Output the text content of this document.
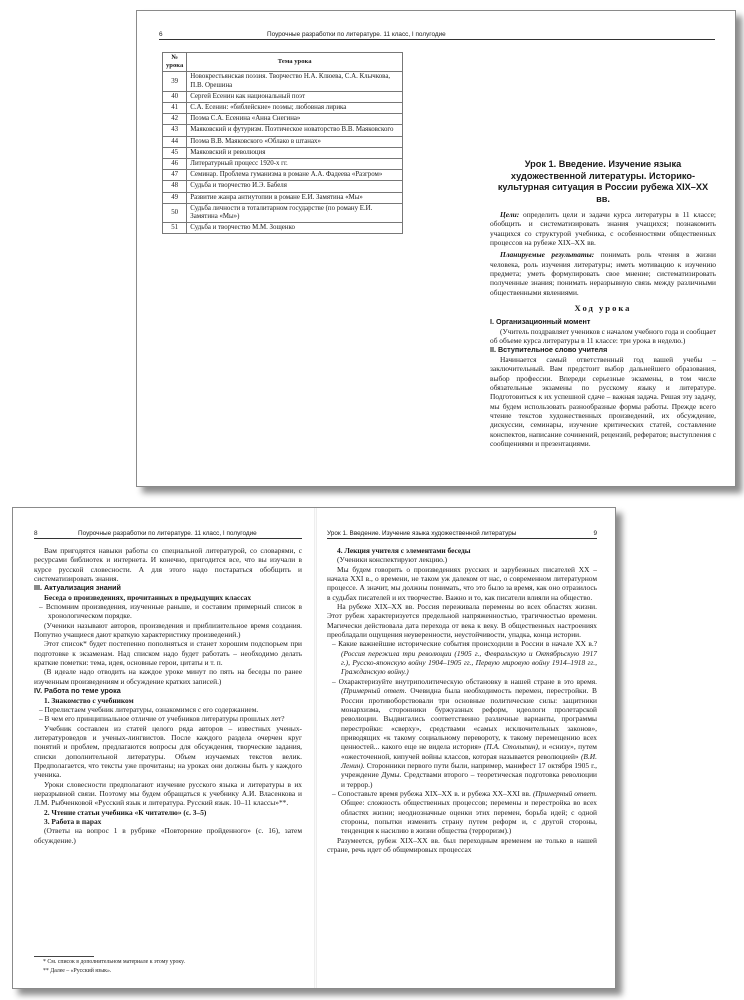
6	Поурочные разработки по литературе. 11 класс, I полугодие
№ урока	Тема урока
39	Новокрестьянская поэзия. Творчество Н.А. Клюева, С.А. Клычкова, П.В. Орешина
40	Сергей Есенин как национальный поэт
41	С.А. Есенин: «библейские» поэмы; любовная лирика
42	Поэма С.А. Есенина «Анна Снегина»
43	Маяковский и футуризм. Поэтическое новаторство В.В. Маяковского
44	Поэма В.В. Маяковского «Облако в штанах»
45	Маяковский и революция
46	Литературный процесс 1920-х гг.
47	Семинар. Проблема гуманизма в романе А.А. Фадеева «Разгром»
48	Судьба и творчество И.Э. Бабеля
49	Развитие жанра антиутопии в романе Е.И. Замятина «Мы»
50	Судьба личности в тоталитарном государстве (по роману Е.И. Замятина «Мы»)
51	Судьба и творчество М.М. Зощенко
Урок 1. Введение. Изучение языка художественной литературы. Историко-культурная ситуация в России рубежа XIX–XX вв.

Цели: определить цели и задачи курса литературы в 11 классе; обобщить и систематизировать знания учащихся; познакомить учащихся со структурой учебника, с особенностями общественных процессов на рубеже XIX–XX вв.

Планируемые результаты: понимать роль чтения в жизни человека, роль изучения литературы; иметь мотивацию к изучению предмета; уметь формулировать свое мнение; систематизировать полученные знания; понимать неразрывную связь между различными общественными явлениями.

Ход урока

I. Организационный момент

(Учитель поздравляет учеников с началом учебного года и сообщает об объеме курса литературы в 11 классе: три урока в неделю.)

II. Вступительное слово учителя

Начинается самый ответственный год вашей учебы – заключительный. Вам предстоит выбор дальнейшего образования, выбор профессии. Впереди серьезные экзамены, в том числе обязательные экзамены по русскому языку и литературе. Подготовиться к их успешной сдаче – важная задача. Решая эту задачу, мы будем использовать разнообразные формы работы. Прежде всего чтение текстов художественных произведений, их обсуждение, дискуссии, семинары, изучение критических статей, составление конспектов, написание сочинений, рецензий, рефератов; выступления с сообщениями и презентациями.

8	Поурочные разработки по литературе. 11 класс, I полугодие

Вам пригодятся навыки работы со специальной литературой, со словарями, с ресурсами библиотек и интернета. И конечно, пригодится все, что вы изучали в курсе русской словесности. А для этого надо постараться обобщить и систематизировать знания.

III. Актуализация знаний

Беседа о произведениях, прочитанных в предыдущих классах

– Вспомним произведения, изученные раньше, и составим примерный список в хронологическом порядке.

(Ученики называют авторов, произведения и приблизительное время создания. Попутно учащиеся дают краткую характеристику произведений.)

Этот список* будет постепенно пополняться и станет хорошим подспорьем при подготовке к экзаменам. Над списком надо будет работать – необходимо делать краткие пометки: тема, идея, основные герои, цитаты и т. п.

(В идеале надо отводить на каждое уроке минут по пять на беседы по ранее изученным произведениям и обсуждение кратких записей.)

IV. Работа по теме урока

1. Знакомство с учебником

– Перелистаем учебник литературы, ознакомимся с его содержанием.

– В чем его принципиальное отличие от учебников литературы прошлых лет?

Учебник составлен из статей целого ряда авторов – известных ученых-литературоведов и ученых-лингвистов. После каждого раздела очерчен круг понятий и проблем, предлагаются вопросы для обсуждения, творческие задания, списки дополнительной литературы. Объем изучаемых текстов велик. Предполагается, что тексты уже прочитаны; на уроках они должны быть у каждого ученика.

Уроки словесности предполагают изучение русского языка и литературы в их неразрывной связи. Поэтому мы будем обращаться к учебнику А.И. Власенкова и Л.М. Рыбченковой «Русский язык и литература. Русский язык. 10–11 классы»**.

2. Чтение статьи учебника «К читателю» (с. 3–5)

3. Работа в парах

(Ответы на вопрос 1 в рубрике «Повторение пройденного» (с. 16), затем обсуждение.)

* См. список в дополнительном материале к этому уроку.
** Далее – «Русский язык».
Урок 1. Введение. Изучение языка художественной литературы	9

4. Лекция учителя с элементами беседы

(Ученики конспектируют лекцию.)

Мы будем говорить о произведениях русских и зарубежных писателей XX – начала XXI в., о времени, не таком уж далеком от нас, о современном литературном процессе. А значит, мы должны понимать, что это было за время, как оно отразилось в судьбах писателей и их творчестве. Важно и то, как писатели влияли на общество.

На рубеже XIX–XX вв. Россия переживала перемены во всех областях жизни. Этот рубеж характеризуется предельной напряженностью, трагичностью времени. Магически действовала дата перехода от века к веку. В общественных настроениях преобладали ощущения неуверенности, неустойчивости, упадка, конца истории.

– Какие важнейшие исторические события происходили в России в начале XX в.? (Россия пережила три революции (1905 г., Февральскую и Октябрьскую 1917 г.), Русско-японскую войну 1904–1905 гг., Первую мировую войну 1914–1918 гг., Гражданскую войну.)

– Охарактеризуйте внутриполитическую обстановку в нашей стране в это время. (Примерный ответ. Очевидна была необходимость перемен, перестройки. В России противоборствовали три основные политические силы: защитники монархизма, сторонники буржуазных реформ, идеологи пролетарской революции. Выдвигались соответственно различные варианты, программы перестройки: «сверху», средствами «самых исключительных законов», приводящих «к такому социальному перевороту, к такому перемещению всех ценностей... какого еще не видела история» (П.А. Столыпин), и «снизу», путем «ожесточенной, кипучей войны классов, которая называется революцией» (В.И. Ленин). Сторонники первого пути были, например, манифест 17 октября 1905 г., учреждение Думы. Средствами второго – теоретическая подготовка революции и террор.)

– Сопоставьте время рубежа XIX–XX в. и рубежа XX–XXI вв. (Примерный ответ. Общее: сложность общественных процессов; перемены и перестройка во всех областях жизни; неоднозначные оценки этих перемен, борьба идей; с одной стороны, попытки изменить страну путем реформ и, с другой стороны, тенденция к насилию в жизни общества (терроризм).)

Разумеется, рубеж XIX–XX вв. был переходным временем не только в нашей стране, речь идет об общемировых процессах
